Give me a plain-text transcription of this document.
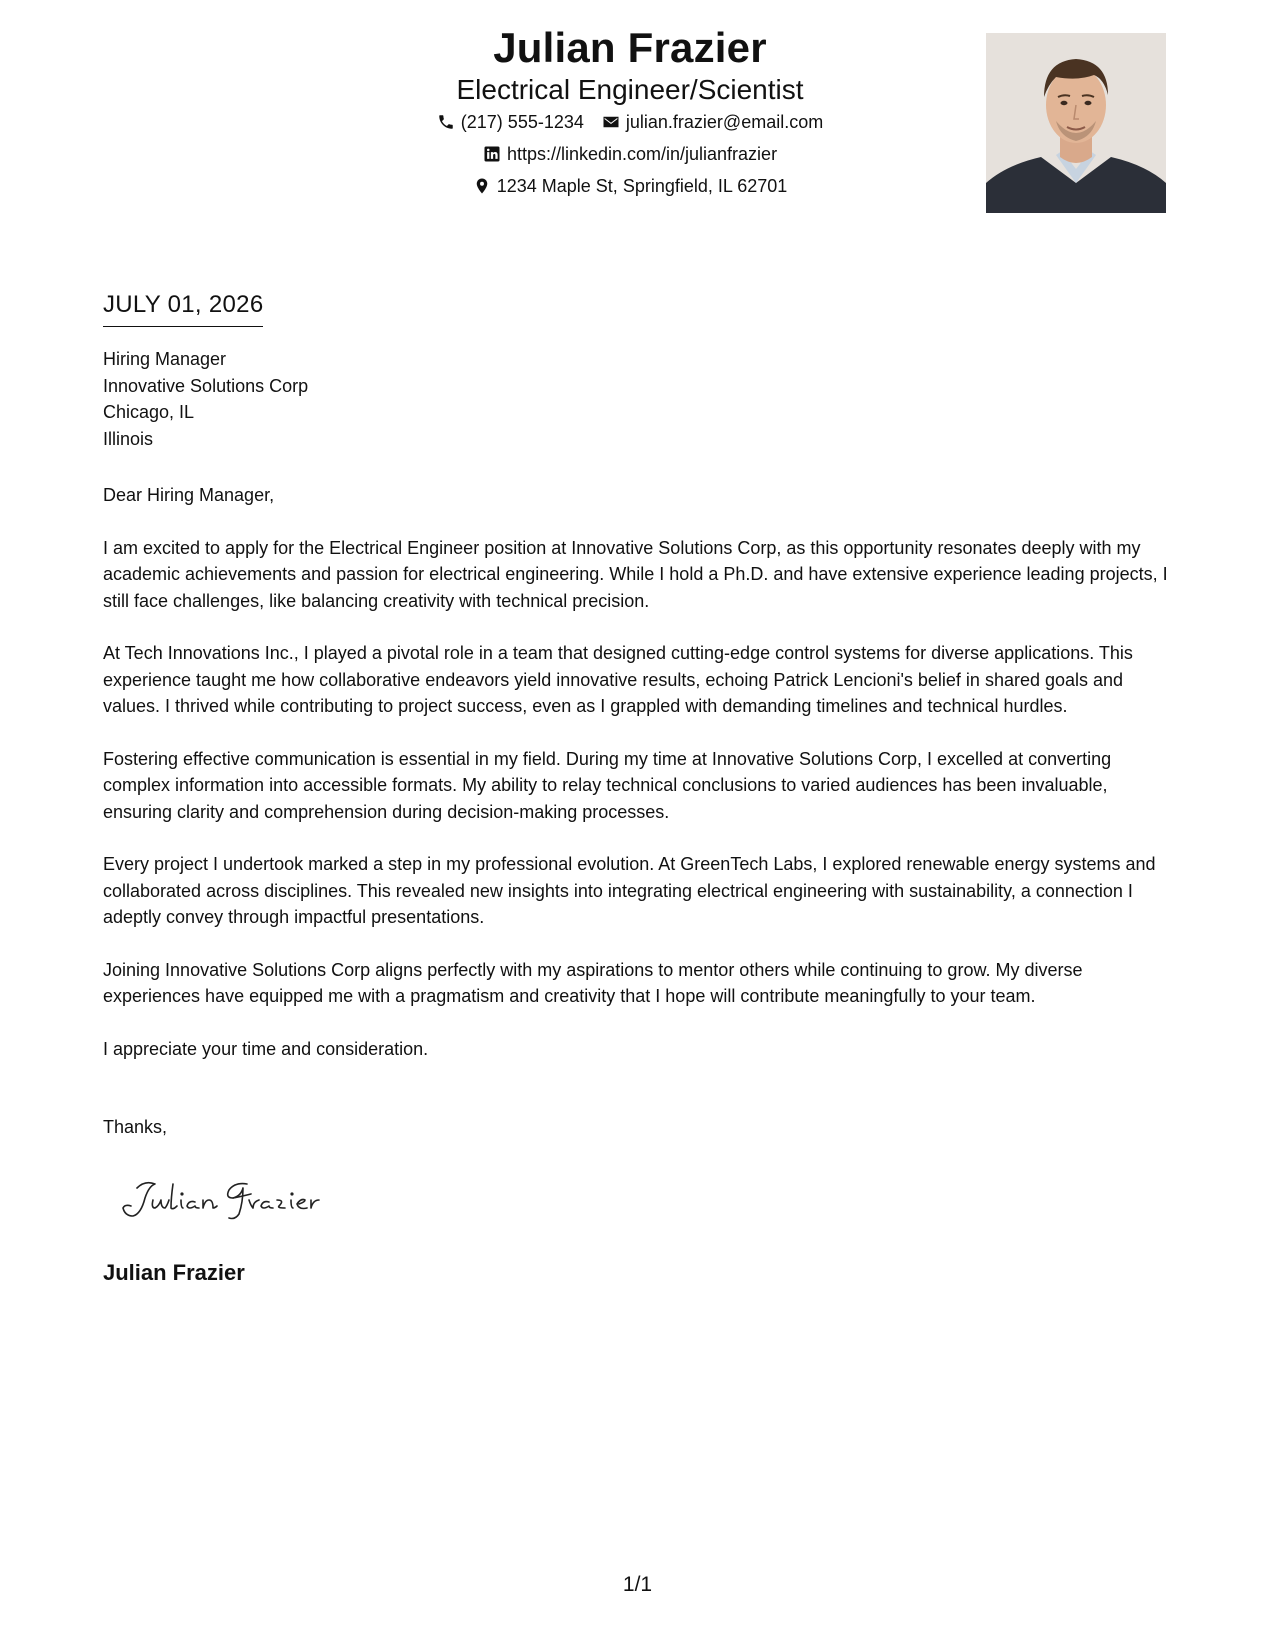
Julian Frazier
Electrical Engineer/Scientist
(217) 555-1234 julian.frazier@email.com
https://linkedin.com/in/julianfrazier
1234 Maple St, Springfield, IL 62701
JULY 01, 2026
Hiring Manager
Innovative Solutions Corp
Chicago, IL
Illinois

Dear Hiring Manager,

I am excited to apply for the Electrical Engineer position at Innovative Solutions Corp, as this opportunity resonates deeply with my academic achievements and passion for electrical engineering. While I hold a Ph.D. and have extensive experience leading projects, I still face challenges, like balancing creativity with technical precision.

At Tech Innovations Inc., I played a pivotal role in a team that designed cutting-edge control systems for diverse applications. This experience taught me how collaborative endeavors yield innovative results, echoing Patrick Lencioni's belief in shared goals and values. I thrived while contributing to project success, even as I grappled with demanding timelines and technical hurdles.

Fostering effective communication is essential in my field. During my time at Innovative Solutions Corp, I excelled at converting complex information into accessible formats. My ability to relay technical conclusions to varied audiences has been invaluable, ensuring clarity and comprehension during decision-making processes.

Every project I undertook marked a step in my professional evolution. At GreenTech Labs, I explored renewable energy systems and collaborated across disciplines. This revealed new insights into integrating electrical engineering with sustainability, a connection I adeptly convey through impactful presentations.

Joining Innovative Solutions Corp aligns perfectly with my aspirations to mentor others while continuing to grow. My diverse experiences have equipped me with a pragmatism and creativity that I hope will contribute meaningfully to your team.

I appreciate your time and consideration.

Thanks,
Julian Frazier
1/1
